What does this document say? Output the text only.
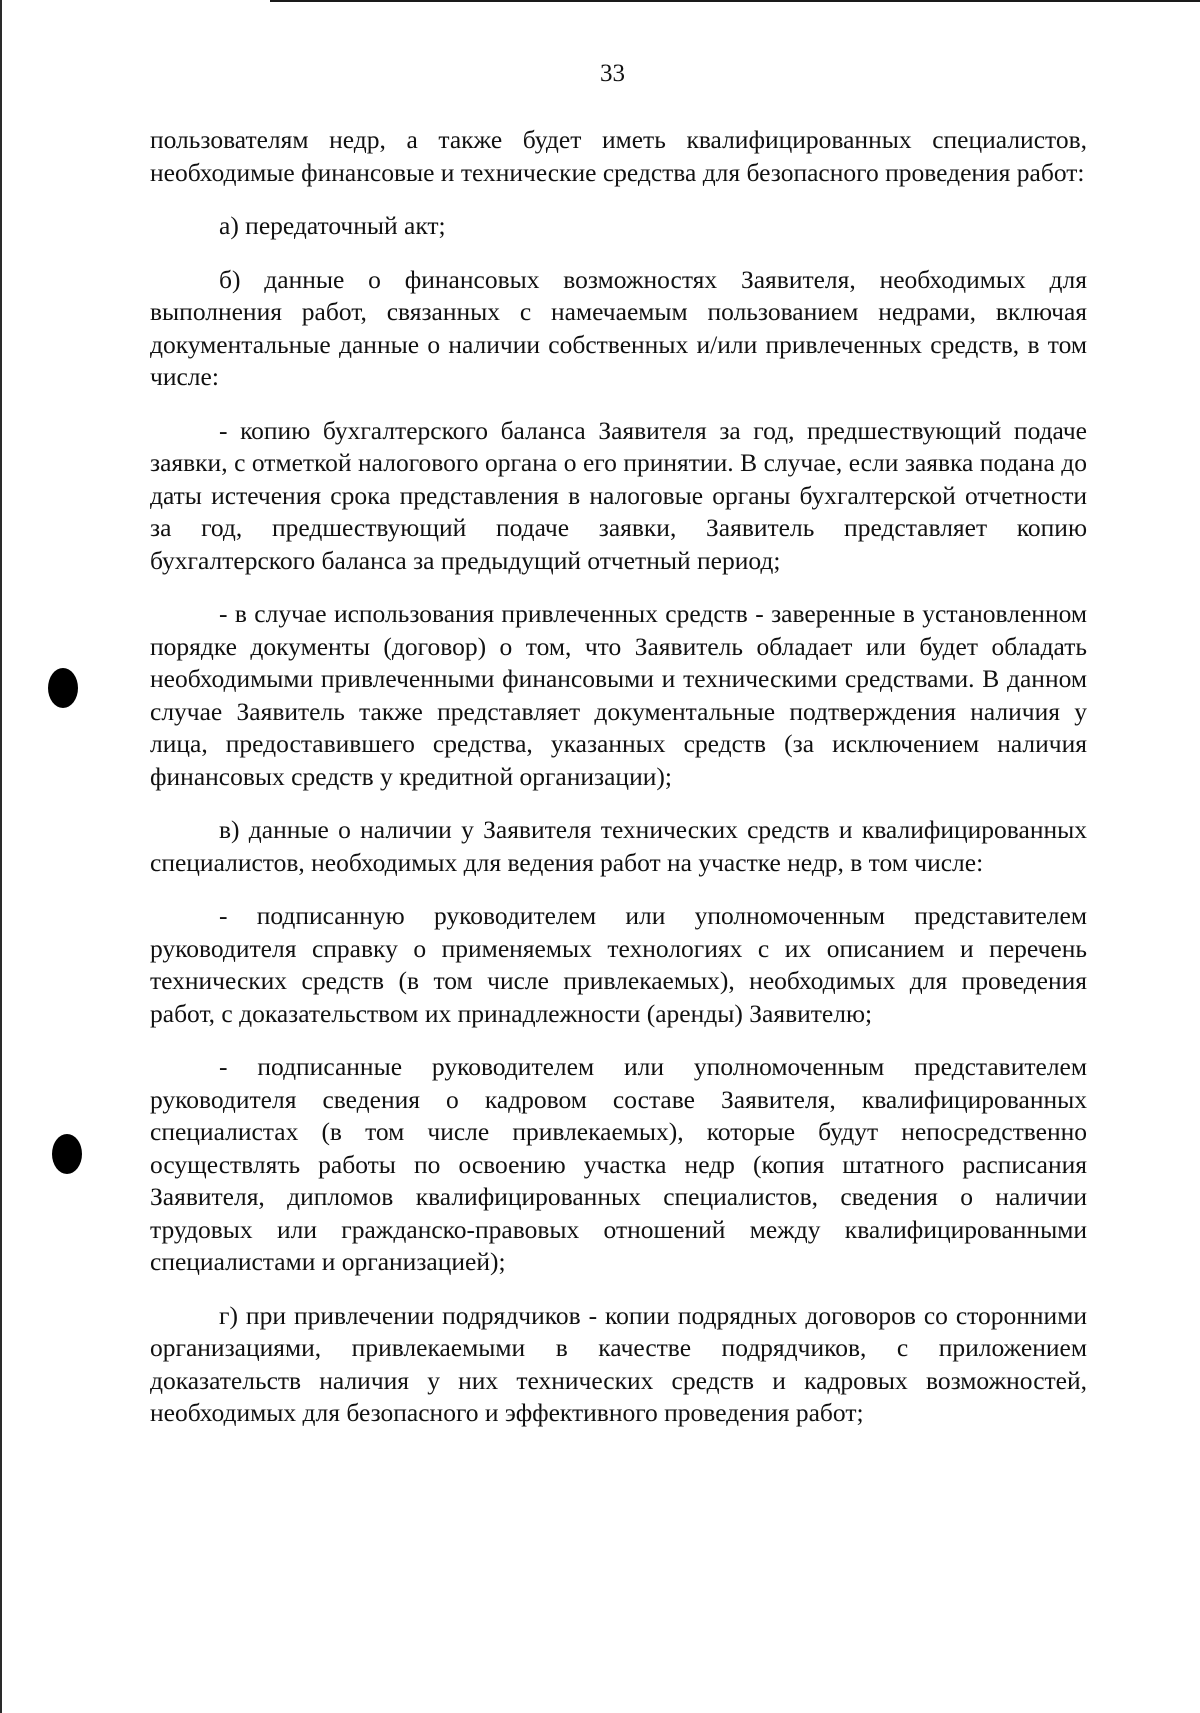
33

пользователям недр, а также будет иметь квалифицированных специалистов, необходимые финансовые и технические средства для безопасного проведения работ:

а) передаточный акт;

б) данные о финансовых возможностях Заявителя, необходимых для выполнения работ, связанных с намечаемым пользованием недрами, включая документальные данные о наличии собственных и/или привлеченных средств, в том числе:

- копию бухгалтерского баланса Заявителя за год, предшествующий подаче заявки, с отметкой налогового органа о его принятии. В случае, если заявка подана до даты истечения срока представления в налоговые органы бухгалтерской отчетности за год, предшествующий подаче заявки, Заявитель представляет копию бухгалтерского баланса за предыдущий отчетный период;

- в случае использования привлеченных средств - заверенные в установленном порядке документы (договор) о том, что Заявитель обладает или будет обладать необходимыми привлеченными финансовыми и техническими средствами. В данном случае Заявитель также представляет документальные подтверждения наличия у лица, предоставившего средства, указанных средств (за исключением наличия финансовых средств у кредитной организации);

в) данные о наличии у Заявителя технических средств и квалифицированных специалистов, необходимых для ведения работ на участке недр, в том числе:

- подписанную руководителем или уполномоченным представителем руководителя справку о применяемых технологиях с их описанием и перечень технических средств (в том числе привлекаемых), необходимых для проведения работ, с доказательством их принадлежности (аренды) Заявителю;

- подписанные руководителем или уполномоченным представителем руководителя сведения о кадровом составе Заявителя, квалифицированных специалистах (в том числе привлекаемых), которые будут непосредственно осуществлять работы по освоению участка недр (копия штатного расписания Заявителя, дипломов квалифицированных специалистов, сведения о наличии трудовых или гражданско-правовых отношений между квалифицированными специалистами и организацией);

г) при привлечении подрядчиков - копии подрядных договоров со сторонними организациями, привлекаемыми в качестве подрядчиков, с приложением доказательств наличия у них технических средств и кадровых возможностей, необходимых для безопасного и эффективного проведения работ;
